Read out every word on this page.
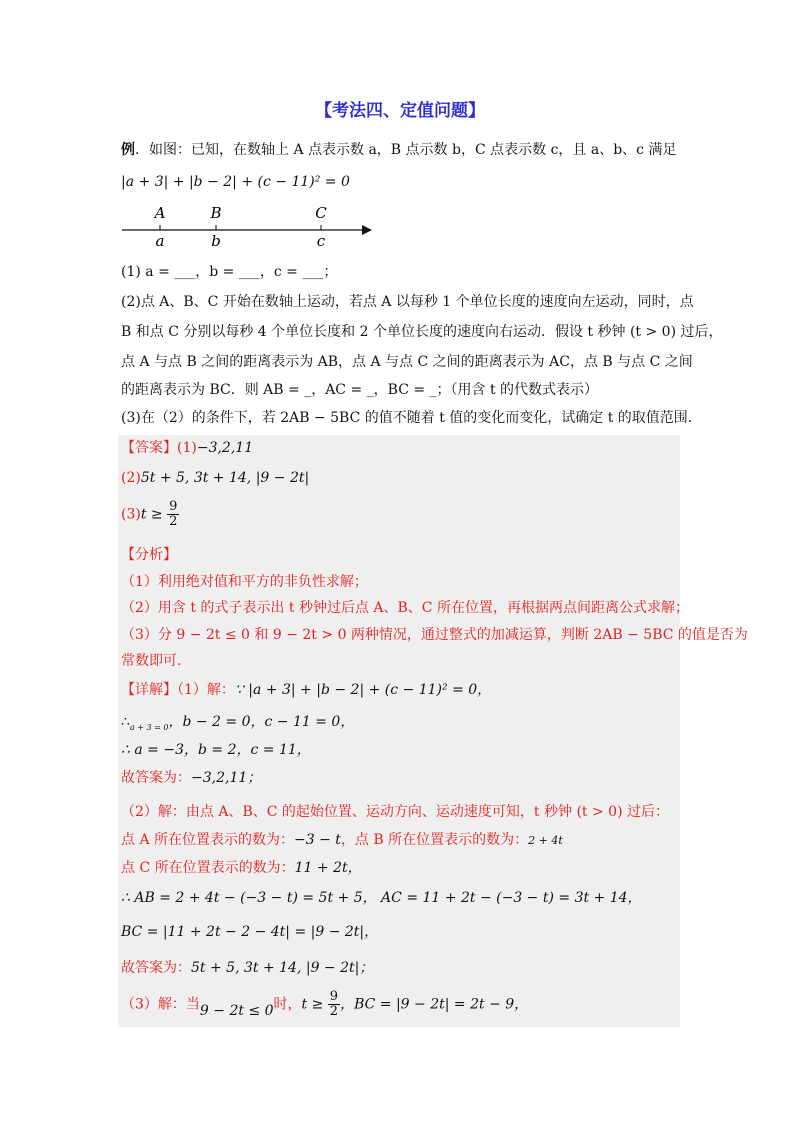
【考法四、定值问题】
例．如图：已知，在数轴上 A 点表示数 a，B 点示数 b，C 点表示数 c，且 a、b、c 满足
|a + 3| + |b − 2| + (c − 11)² = 0
A	B	C
a	b	c
(1) a = ___，b = ___，c = ___；
(2)点 A、B、C 开始在数轴上运动，若点 A 以每秒 1 个单位长度的速度向左运动，同时，点
B 和点 C 分别以每秒 4 个单位长度和 2 个单位长度的速度向右运动．假设 t 秒钟 (t > 0) 过后，
点 A 与点 B 之间的距离表示为 AB，点 A 与点 C 之间的距离表示为 AC，点 B 与点 C 之间
的距离表示为 BC．则 AB = _，AC = _，BC = _；（用含 t 的代数式表示）
(3)在（2）的条件下，若 2AB − 5BC 的值不随着 t 值的变化而变化，试确定 t 的取值范围．
【答案】(1)−3,2,11
(2)5t + 5, 3t + 14, |9 − 2t|
$(3)t \ge \frac{9}{2}$
【分析】
（1）利用绝对值和平方的非负性求解；
（2）用含 t 的式子表示出 t 秒钟过后点 A、B、C 所在位置，再根据两点间距离公式求解；
（3）分 9 − 2t ≤ 0 和 9 − 2t > 0 两种情况，通过整式的加减运算，判断 2AB − 5BC 的值是否为
常数即可．
【详解】（1）解：∵ |a + 3| + |b − 2| + (c − 11)² = 0，
$\therefore_{a + 3 = 0}$，b − 2 = 0，c − 11 = 0，
∴ a = −3，b = 2，c = 11，
故答案为：−3,2,11；
（2）解：由点 A、B、C 的起始位置、运动方向、运动速度可知，t 秒钟 (t > 0) 过后：
点 A 所在位置表示的数为：−3 − t，点 B 所在位置表示的数为：2 + 4t
点 C 所在位置表示的数为：11 + 2t，
∴ AB = 2 + 4t − (−3 − t) = 5t + 5， AC = 11 + 2t − (−3 − t) = 3t + 14，
BC = |11 + 2t − 2 − 4t| = |9 − 2t|，
故答案为：5t + 5, 3t + 14, |9 − 2t|；
（3）解：当9 − 2t ≤ 0时，$t \ge \frac{9}{2}$ ，BC = |9 − 2t| = 2t − 9，
